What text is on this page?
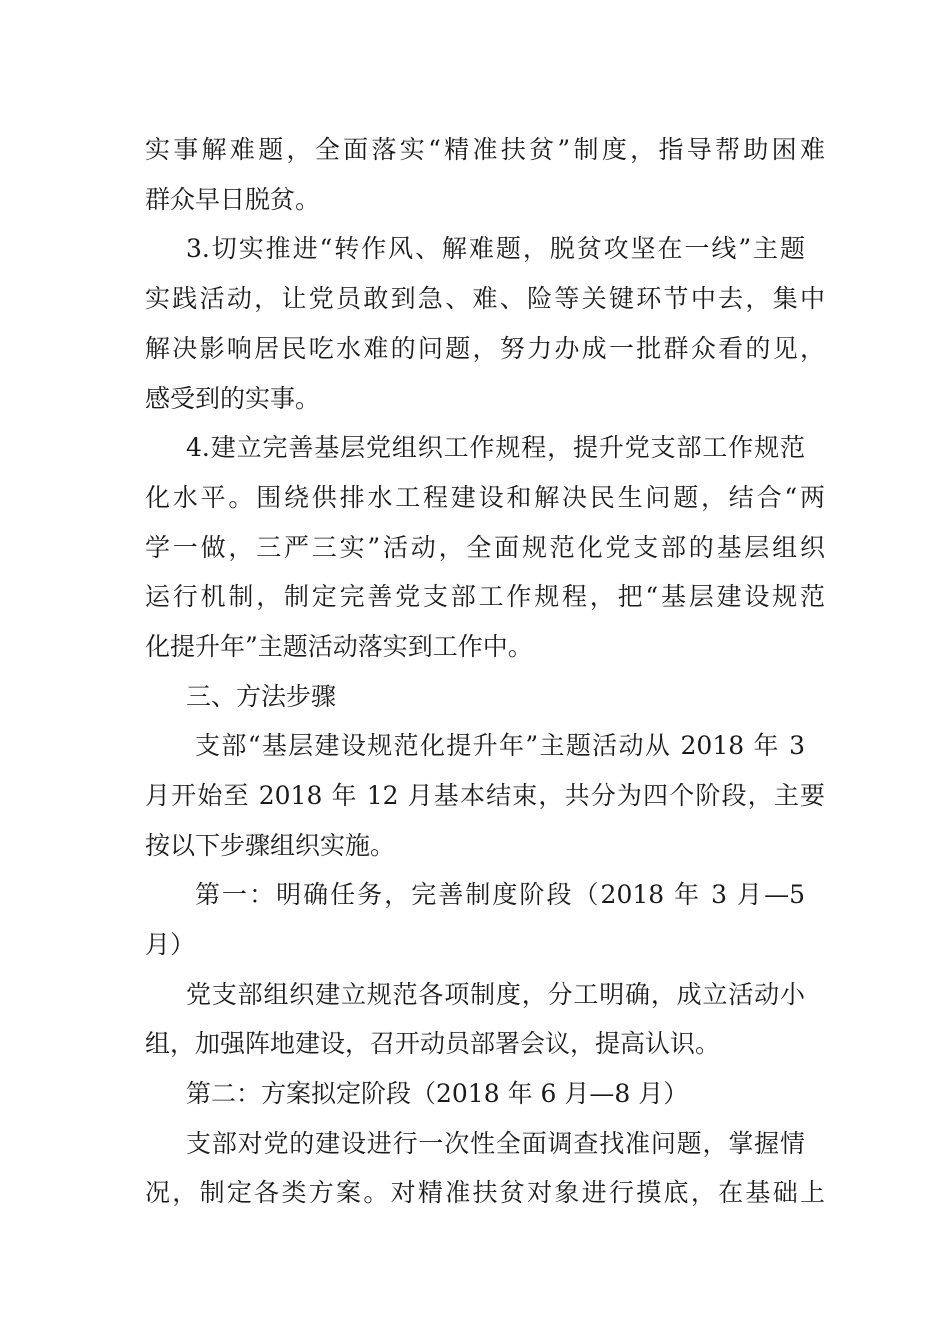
实事解难题，全面落实“精准扶贫”制度，指导帮助困难
群众早日脱贫。
3.切实推进“转作风、解难题，脱贫攻坚在一线”主题
实践活动，让党员敢到急、难、险等关键环节中去，集中
解决影响居民吃水难的问题，努力办成一批群众看的见，
感受到的实事。
4.建立完善基层党组织工作规程，提升党支部工作规范
化水平。围绕供排水工程建设和解决民生问题，结合“两
学一做，三严三实”活动，全面规范化党支部的基层组织
运行机制，制定完善党支部工作规程，把“基层建设规范
化提升年”主题活动落实到工作中。
三、方法步骤
支部“基层建设规范化提升年”主题活动从 2018 年 3
月开始至 2018 年 12 月基本结束，共分为四个阶段，主要
按以下步骤组织实施。
第一：明确任务，完善制度阶段（2018 年 3 月—5
月）
党支部组织建立规范各项制度，分工明确，成立活动小
组，加强阵地建设，召开动员部署会议，提高认识。
第二：方案拟定阶段（2018 年 6 月—8 月）
支部对党的建设进行一次性全面调查找准问题，掌握情
况，制定各类方案。对精准扶贫对象进行摸底，在基础上
